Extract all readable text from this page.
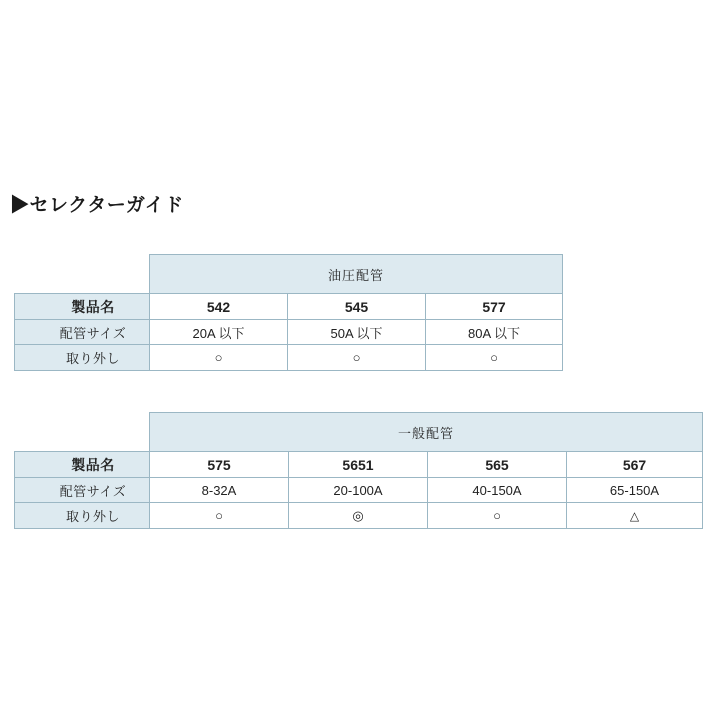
▶セレクターガイド
	油圧配管		
製品名	542	545	577
配管サイズ	20A 以下	50A 以下	80A 以下
取り外し	○	○	○
	一般配管			
製品名	575	5651	565	567
配管サイズ	8-32A	20-100A	40-150A	65-150A
取り外し	○	◎	○	△
